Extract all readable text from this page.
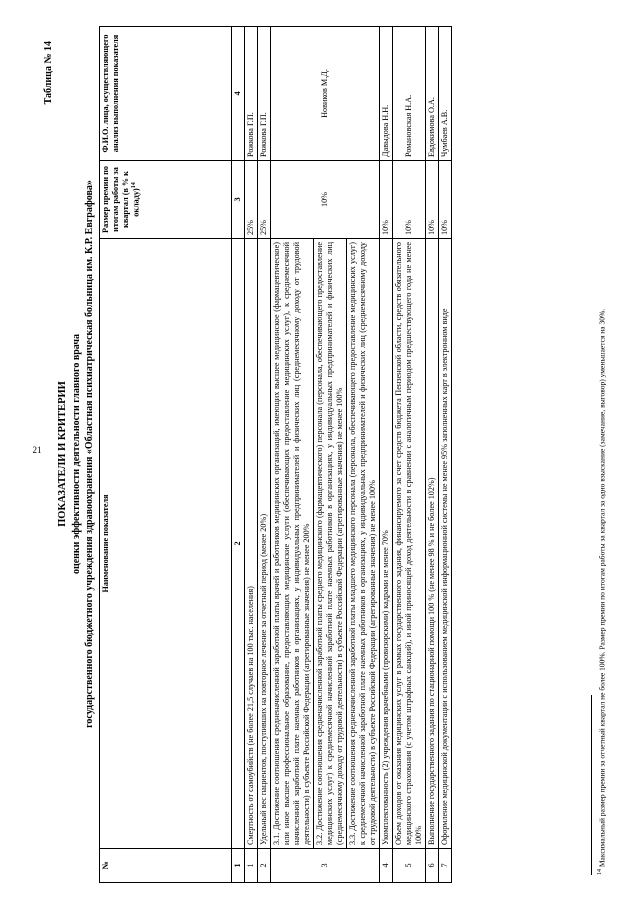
21
Таблица № 14
ПОКАЗАТЕЛИ И КРИТЕРИИ оценки эффективности деятельности главного врача государственного бюджетного учреждения здравоохранения «Областная психиатрическая больница им. К.Р. Евграфова»
№	Наименование показателя	Размер премии по итогам работы за квартал (в % к окладу)$^{14}$	Ф.И.О. лица, осуществляющего анализ выполнения показателя
1	2	3	4
1	Смертность от самоубийств (не более 21,5 случаев на 100 тыс. населения)	25%	Рожкова Г.П.
2	Удельный вес пациентов, поступивших на повторное лечение за отчетный период (менее 20%)	25%	Рожкова Г.П.
3	3.1. Достижение соотношения средненачисленной заработной платы врачей и работников медицинских организаций, имеющих высшее медицинское (фармацевтическое) или иное высшее профессиональное образование, предоставляющих медицинские услуги (обеспечивающих предоставление медицинских услуг), к среднемесячной начисленной заработной плате наемных работников в организациях, у индивидуальных предпринимателей и физических лиц (среднемесячному доходу от трудовой деятельности) в субъекте Российской Федерации (агрегированные значения) не менее 200%	10%	Новиков М.Д.
	3.2. Достижение соотношения средненачисленной заработной платы среднего медицинского (фармацевтического) персонала (персонала, обеспечивающего предоставление медицинских услуг) к среднемесячной начисленной заработной плате наемных работников в организациях, у индивидуальных предпринимателей и физических лиц (среднемесячному доходу от трудовой деятельности) в субъекте Российской Федерации (агрегированные значения) не менее 100%		
	3.3. Достижение соотношения средненачисленной заработной платы младшего медицинского персонала (персонала, обеспечивающего предоставление медицинских услуг) к среднемесячной начисленной заработной плате наемных работников в организациях, у индивидуальных предпринимателей и физических лиц (среднемесячному доходу от трудовой деятельности) в субъекте Российской Федерации (агрегированные значения) не менее 100%		
4	Укомплектованность (2) учреждения врачебными (провизорскими) кадрами не менее 70%	10%	Давыдова Н.Н.
5	Объем доходов от оказания медицинских услуг в рамках государственного задания, финансируемого за счет средств бюджета Пензенской области, средств обязательного медицинского страхования (с учетом штрафных санкций), и иной приносящей доход деятельности в сравнении с аналогичным периодом предшествующего года не менее 100%	10%	Романовская Н.А.
6	Выполнение государственного задания по стационарной помощи 100 % (не менее 98 % и не более 102%)	10%	Евдокимова О.А.
7	Оформление медицинской документации с использованием медицинской информационной системы не менее 95% заполненных карт в электронном виде	10%	Чумбаев А.В.
$^{14}$ Максимальный размер премии за отчетный квартал не более 100%. Размер премии по итогам работы за квартал за одно взыскание (замечание, выговор) уменьшается на 30%.
